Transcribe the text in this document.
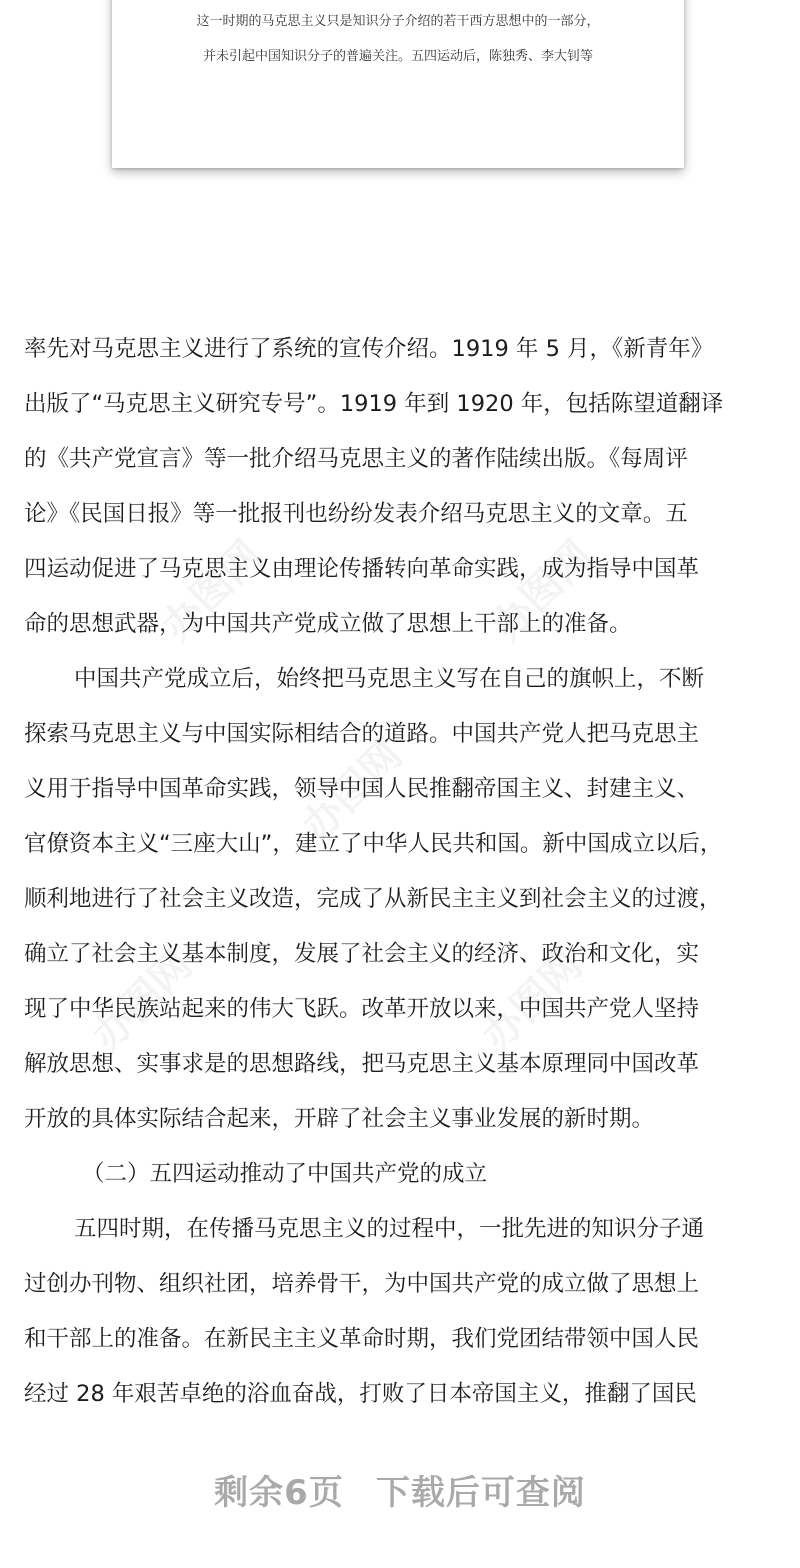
这一时期的马克思主义只是知识分子介绍的若干西方思想中的一部分，
并未引起中国知识分子的普遍关注。五四运动后，陈独秀、李大钊等
办图网	办图网
办图网
办图网	办图网
率先对马克思主义进行了系统的宣传介绍。1919 年 5 月，《新青年》
出版了“马克思主义研究专号”。1919 年到 1920 年，包括陈望道翻译
的《共产党宣言》等一批介绍马克思主义的著作陆续出版。《每周评
论》《民国日报》等一批报刊也纷纷发表介绍马克思主义的文章。五
四运动促进了马克思主义由理论传播转向革命实践，成为指导中国革
命的思想武器，为中国共产党成立做了思想上干部上的准备。
中国共产党成立后，始终把马克思主义写在自己的旗帜上，不断
探索马克思主义与中国实际相结合的道路。中国共产党人把马克思主
义用于指导中国革命实践，领导中国人民推翻帝国主义、封建主义、
官僚资本主义“三座大山”，建立了中华人民共和国。新中国成立以后，
顺利地进行了社会主义改造，完成了从新民主主义到社会主义的过渡，
确立了社会主义基本制度，发展了社会主义的经济、政治和文化，实
现了中华民族站起来的伟大飞跃。改革开放以来，中国共产党人坚持
解放思想、实事求是的思想路线，把马克思主义基本原理同中国改革
开放的具体实际结合起来，开辟了社会主义事业发展的新时期。
（二）五四运动推动了中国共产党的成立
五四时期，在传播马克思主义的过程中，一批先进的知识分子通
过创办刊物、组织社团，培养骨干，为中国共产党的成立做了思想上
和干部上的准备。在新民主主义革命时期，我们党团结带领中国人民
经过 28 年艰苦卓绝的浴血奋战，打败了日本帝国主义，推翻了国民
剩余6页 下载后可查阅
